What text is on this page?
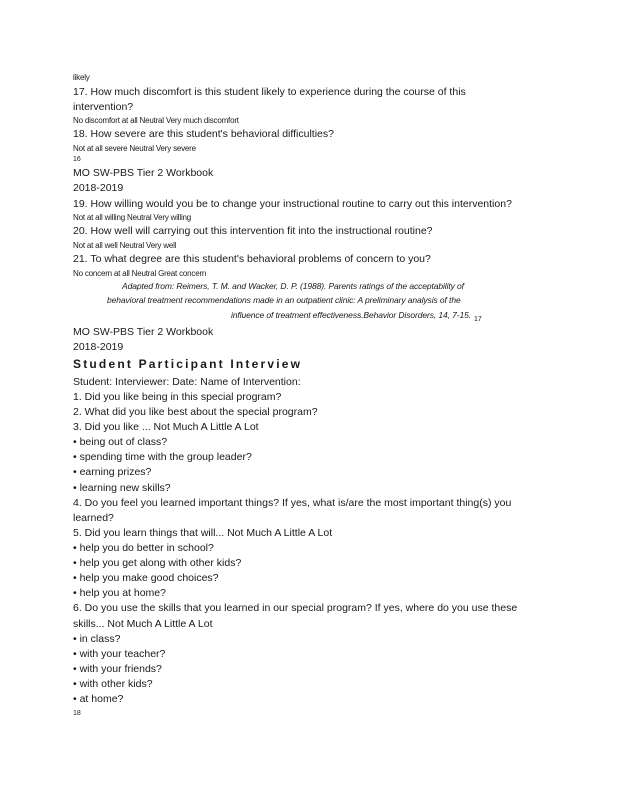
likely
17. How much discomfort is this student likely to experience during the course of this
intervention?
No discomfort at all Neutral Very much discomfort
18. How severe are this student's behavioral difficulties?
Not at all severe Neutral Very severe
16
MO SW-PBS Tier 2 Workbook
2018-2019
19. How willing would you be to change your instructional routine to carry out this intervention?
Not at all willing Neutral Very willing
20. How well will carrying out this intervention fit into the instructional routine?
Not at all well Neutral Very well
21. To what degree are this student's behavioral problems of concern to you?
No concern at all Neutral Great concern
Adapted from: Reimers, T. M. and Wacker, D. P. (1988). Parents ratings of the acceptability of
behavioral treatment recommendations made in an outpatient clinic: A preliminary analysis of the
influence of treatment effectiveness.Behavior Disorders, 14, 7-15. $_{17}$
MO SW-PBS Tier 2 Workbook
2018-2019
Student Participant Interview
Student: Interviewer: Date: Name of Intervention:
1. Did you like being in this special program?
2. What did you like best about the special program?
3. Did you like ... Not Much A Little A Lot
• being out of class?
• spending time with the group leader?
• earning prizes?
• learning new skills?
4. Do you feel you learned important things? If yes, what is/are the most important thing(s) you
learned?
5. Did you learn things that will... Not Much A Little A Lot
• help you do better in school?
• help you get along with other kids?
• help you make good choices?
• help you at home?
6. Do you use the skills that you learned in our special program? If yes, where do you use these
skills... Not Much A Little A Lot
• in class?
• with your teacher?
• with your friends?
• with other kids?
• at home?
18
